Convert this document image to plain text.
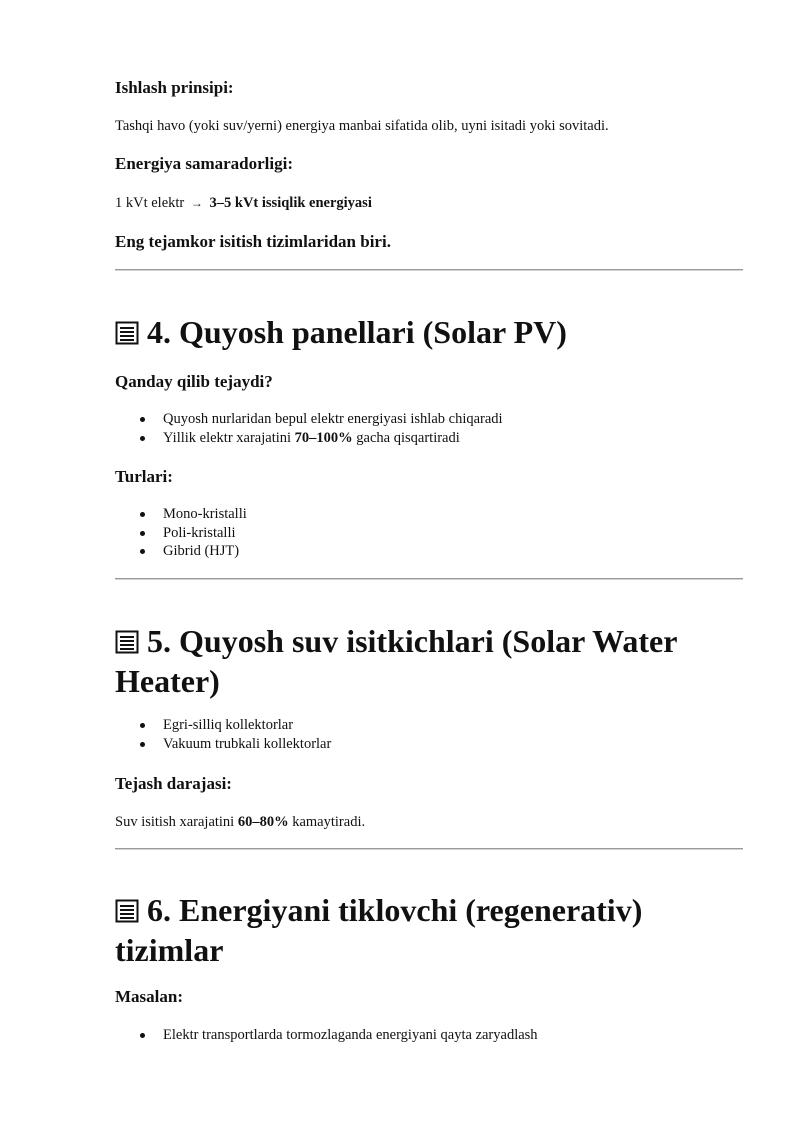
Ishlash prinsipi:

Tashqi havo (yoki suv/yerni) energiya manbai sifatida olib, uyni isitadi yoki sovitadi.

Energiya samaradorligi:

1 kVt elektr → 3–5 kVt issiqlik energiyasi

Eng tejamkor isitish tizimlaridan biri.

4. Quyosh panellari (Solar PV)

Qanday qilib tejaydi?

Quyosh nurlaridan bepul elektr energiyasi ishlab chiqaradi
Yillik elektr xarajatini 70–100% gacha qisqartiradi

Turlari:

Mono-kristalli
Poli-kristalli
Gibrid (HJT)
5. Quyosh suv isitkichlari (Solar Water Heater)
Egri-silliq kollektorlar
Vakuum trubkali kollektorlar

Tejash darajasi:

Suv isitish xarajatini 60–80% kamaytiradi.

6. Energiyani tiklovchi (regenerativ) tizimlar

Masalan:

Elektr transportlarda tormozlaganda energiyani qayta zaryadlash
